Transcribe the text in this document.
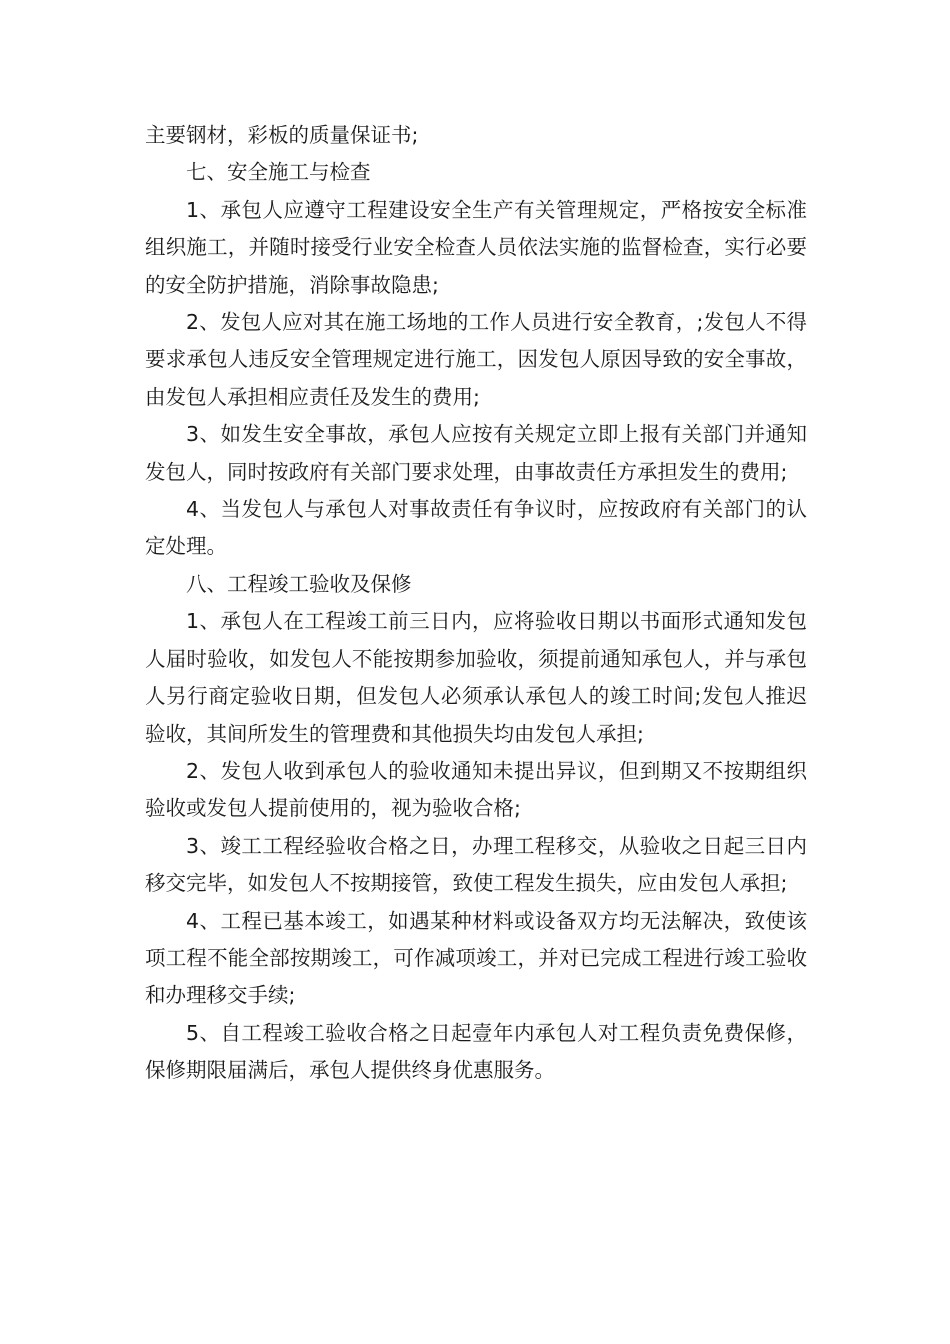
主要钢材，彩板的质量保证书;

七、安全施工与检查

1、承包人应遵守工程建设安全生产有关管理规定，严格按安全标准组织施工，并随时接受行业安全检查人员依法实施的监督检查，实行必要的安全防护措施，消除事故隐患;

2、发包人应对其在施工场地的工作人员进行安全教育，;发包人不得要求承包人违反安全管理规定进行施工，因发包人原因导致的安全事故，由发包人承担相应责任及发生的费用;

3、如发生安全事故，承包人应按有关规定立即上报有关部门并通知发包人，同时按政府有关部门要求处理，由事故责任方承担发生的费用;

4、当发包人与承包人对事故责任有争议时，应按政府有关部门的认定处理。

八、工程竣工验收及保修

1、承包人在工程竣工前三日内，应将验收日期以书面形式通知发包人届时验收，如发包人不能按期参加验收，须提前通知承包人，并与承包人另行商定验收日期，但发包人必须承认承包人的竣工时间;发包人推迟验收，其间所发生的管理费和其他损失均由发包人承担;

2、发包人收到承包人的验收通知未提出异议，但到期又不按期组织验收或发包人提前使用的，视为验收合格;

3、竣工工程经验收合格之日，办理工程移交，从验收之日起三日内移交完毕，如发包人不按期接管，致使工程发生损失，应由发包人承担;

4、工程已基本竣工，如遇某种材料或设备双方均无法解决，致使该项工程不能全部按期竣工，可作减项竣工，并对已完成工程进行竣工验收和办理移交手续;

5、自工程竣工验收合格之日起壹年内承包人对工程负责免费保修，保修期限届满后，承包人提供终身优惠服务。
